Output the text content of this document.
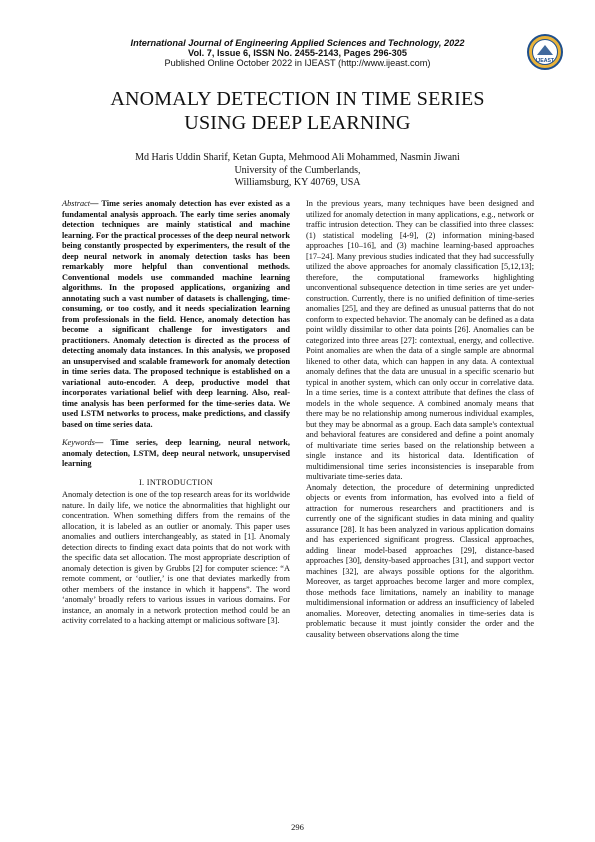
International Journal of Engineering Applied Sciences and Technology, 2022
Vol. 7, Issue 6, ISSN No. 2455-2143, Pages 296-305
Published Online October 2022 in IJEAST (http://www.ijeast.com)	IJEAST
ANOMALY DETECTION IN TIME SERIES
USING DEEP LEARNING
Md Haris Uddin Sharif, Ketan Gupta, Mehmood Ali Mohammed, Nasmin Jiwani
University of the Cumberlands,
Williamsburg, KY 40769, USA

Abstract— Time series anomaly detection has ever existed as a fundamental analysis approach. The early time series anomaly detection techniques are mainly statistical and machine learning. For the practical processes of the deep neural network being constantly prospected by experimenters, the result of the deep neural network in anomaly detection tasks has been remarkably more helpful than conventional methods. Conventional models use commanded machine learning algorithms. In the proposed applications, organizing and annotating such a vast number of datasets is challenging, time-consuming, or too costly, and it needs specialization learning from professionals in the field. Hence, anomaly detection has become a significant challenge for investigators and practitioners. Anomaly detection is directed as the process of detecting anomaly data instances. In this analysis, we proposed an unsupervised and scalable framework for anomaly detection in time series data. The proposed technique is established on a variational auto-encoder. A deep, productive model that incorporates variational belief with deep learning. Also, real-time analysis has been performed for the time-series data. We used LSTM networks to process, make predictions, and classify based on time series data.

Keywords— Time series, deep learning, neural network, anomaly detection, LSTM, deep neural network, unsupervised learning

I. INTRODUCTION

Anomaly detection is one of the top research areas for its worldwide nature. In daily life, we notice the abnormalities that highlight our concentration. When something differs from the remains of the allocation, it is labeled as an outlier or anomaly. This paper uses anomalies and outliers interchangeably, as stated in [1]. Anomaly detection directs to finding exact data points that do not work with the specific data set allocation. The most appropriate description of anomaly detection is given by Grubbs [2] for computer science: “A remote comment, or ‘outlier,’ is one that deviates markedly from other members of the instance in which it happens”. The word ‘anomaly’ broadly refers to various issues in various domains. For instance, an anomaly in a network protection method could be an activity correlated to a hacking attempt or malicious software [3].

In the previous years, many techniques have been designed and utilized for anomaly detection in many applications, e.g., network or traffic intrusion detection. They can be classified into three classes: (1) statistical modeling [4-9], (2) information mining-based approaches [10–16], and (3) machine learning-based approaches [17–24]. Many previous studies indicated that they had successfully utilized the above approaches for anomaly classification [5,12,13]; therefore, the computational frameworks highlighting unconventional subsequence detection in time series are yet under-construction. Currently, there is no unified definition of time-series anomalies [25], and they are defined as unusual patterns that do not conform to expected behavior. The anomaly can be defined as a data point wildly dissimilar to other data points [26]. Anomalies can be categorized into three areas [27]: contextual, energy, and collective. Point anomalies are when the data of a single sample are abnormal likened to other data, which can happen in any data. A contextual anomaly defines that the data are unusual in a specific scenario but typical in another system, which can only occur in correlative data. In a time series, time is a context attribute that defines the class of models in the whole sequence. A combined anomaly means that there may be no relationship among numerous individual examples, but they may be abnormal as a group. Each data sample's contextual and behavioral features are considered and define a point anomaly of multivariate time series based on the relationship between a single instance and its historical data. Identification of multidimensional time series inconsistencies is inseparable from multivariate time-series data.

Anomaly detection, the procedure of determining unpredicted objects or events from information, has evolved into a field of attraction for numerous researchers and practitioners and is currently one of the significant studies in data mining and quality assurance [28]. It has been analyzed in various application domains and has experienced significant progress. Classical approaches, adding linear model-based approaches [29], distance-based approaches [30], density-based approaches [31], and support vector machines [32], are always possible options for the algorithm. Moreover, as target approaches become larger and more complex, those methods face limitations, namely an inability to manage multidimensional information or address an insufficiency of labeled anomalies. Moreover, detecting anomalies in time-series data is problematic because it must jointly consider the order and the causality between observations along the time

296
